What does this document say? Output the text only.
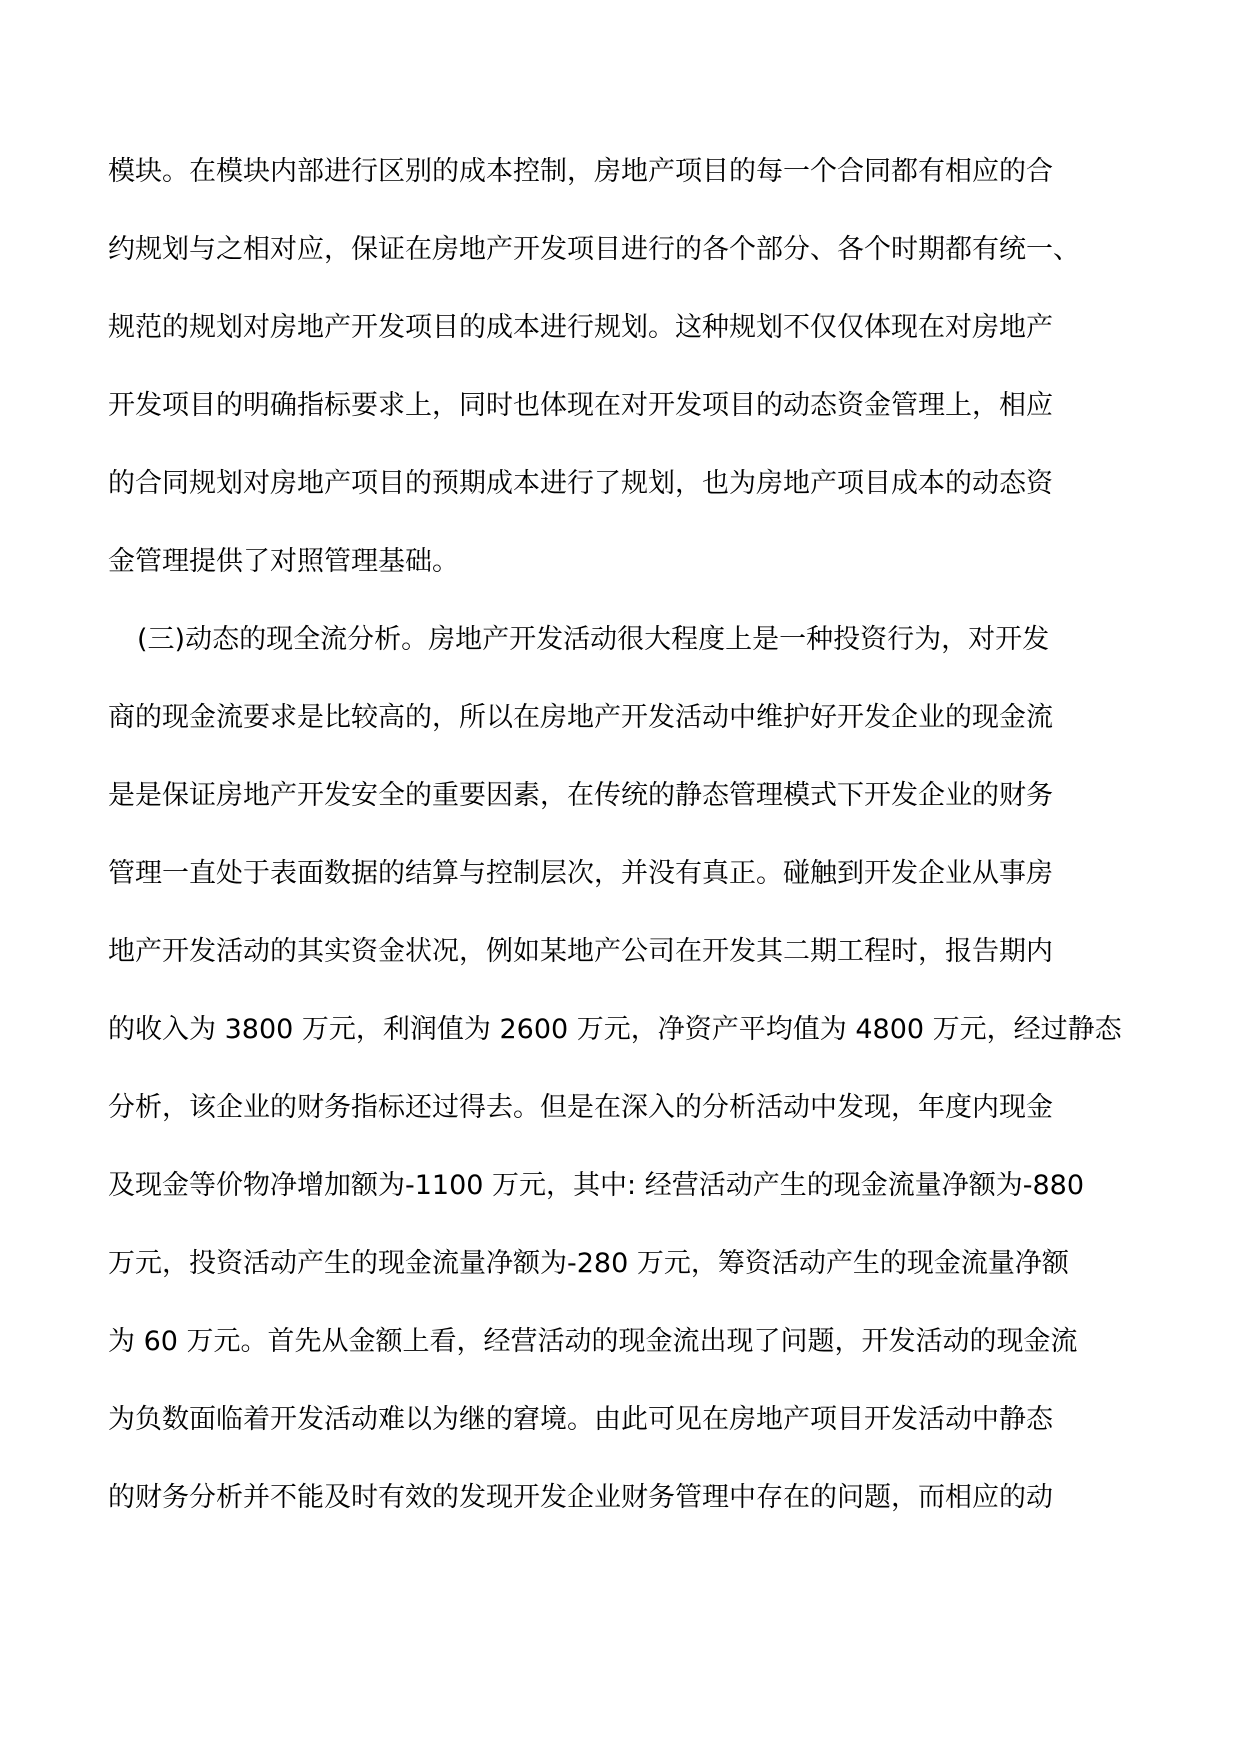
模块。在模块内部进行区别的成本控制，房地产项目的每一个合同都有相应的合
约规划与之相对应，保证在房地产开发项目进行的各个部分、各个时期都有统一、
规范的规划对房地产开发项目的成本进行规划。这种规划不仅仅体现在对房地产
开发项目的明确指标要求上，同时也体现在对开发项目的动态资金管理上，相应
的合同规划对房地产项目的预期成本进行了规划，也为房地产项目成本的动态资
金管理提供了对照管理基础。
(三)动态的现全流分析。房地产开发活动很大程度上是一种投资行为，对开发
商的现金流要求是比较高的，所以在房地产开发活动中维护好开发企业的现金流
是是保证房地产开发安全的重要因素，在传统的静态管理模式下开发企业的财务
管理一直处于表面数据的结算与控制层次，并没有真正。碰触到开发企业从事房
地产开发活动的其实资金状况，例如某地产公司在开发其二期工程时，报告期内
的收入为 3800 万元，利润值为 2600 万元，净资产平均值为 4800 万元，经过静态
分析，该企业的财务指标还过得去。但是在深入的分析活动中发现，年度内现金
及现金等价物净增加额为-1100 万元，其中: 经营活动产生的现金流量净额为-880
万元，投资活动产生的现金流量净额为-280 万元，筹资活动产生的现金流量净额
为 60 万元。首先从金额上看，经营活动的现金流出现了问题，开发活动的现金流
为负数面临着开发活动难以为继的窘境。由此可见在房地产项目开发活动中静态
的财务分析并不能及时有效的发现开发企业财务管理中存在的问题，而相应的动
